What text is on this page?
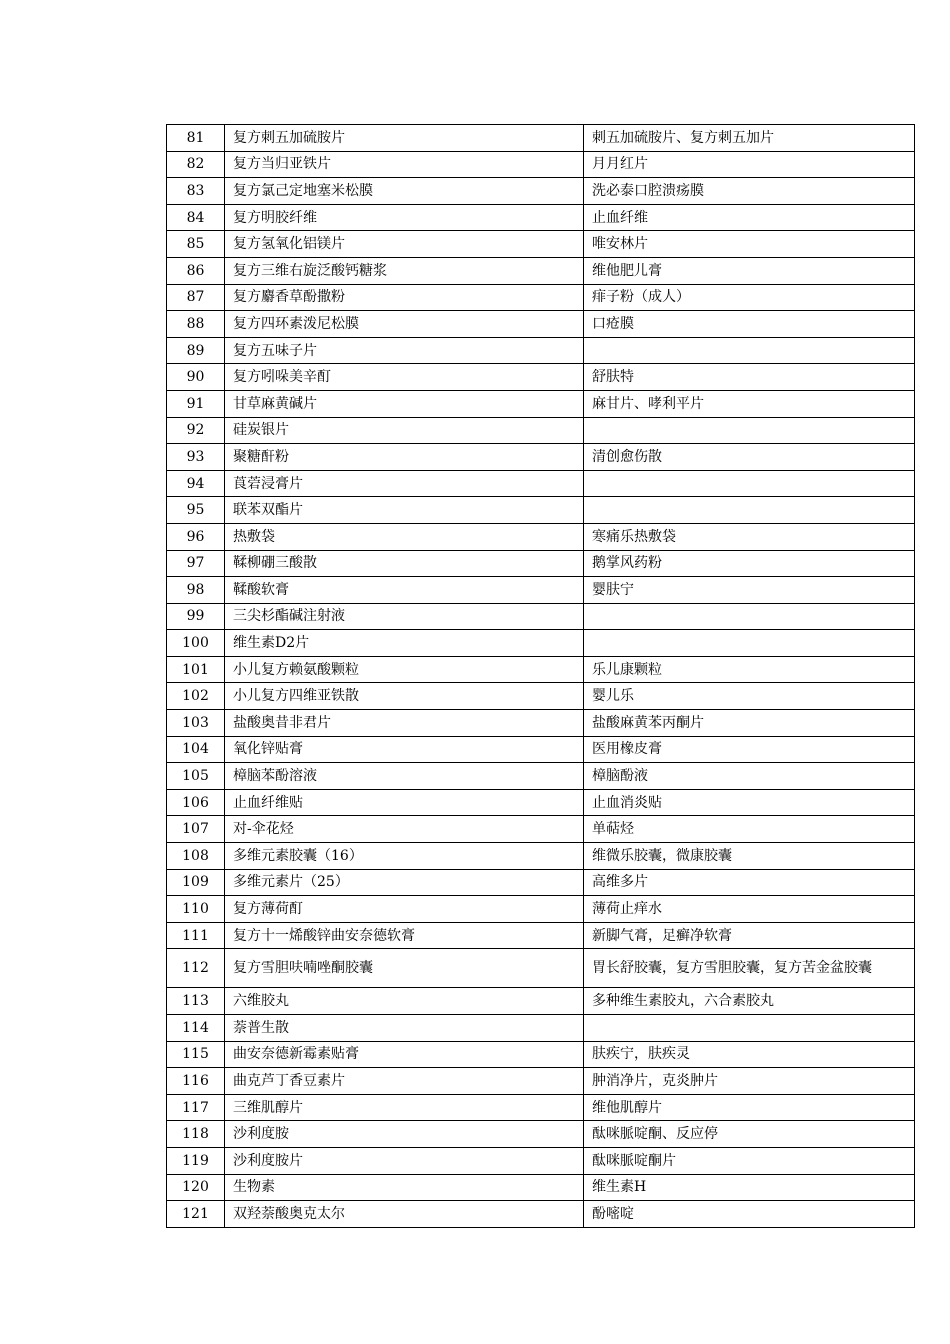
81	复方刺五加硫胺片	刺五加硫胺片、复方刺五加片
82	复方当归亚铁片	月月红片
83	复方氯己定地塞米松膜	洗必泰口腔溃疡膜
84	复方明胶纤维	止血纤维
85	复方氢氧化铝镁片	唯安林片
86	复方三维右旋泛酸钙糖浆	维他肥儿膏
87	复方麝香草酚撒粉	痱子粉（成人）
88	复方四环素泼尼松膜	口疮膜
89	复方五味子片	
90	复方吲哚美辛酊	舒肤特
91	甘草麻黄碱片	麻甘片、哮利平片
92	硅炭银片	
93	聚糖酐粉	清创愈伤散
94	莨菪浸膏片	
95	联苯双酯片	
96	热敷袋	寒痛乐热敷袋
97	鞣柳硼三酸散	鹅掌风药粉
98	鞣酸软膏	婴肤宁
99	三尖杉酯碱注射液	
100	维生素D2片	
101	小儿复方赖氨酸颗粒	乐儿康颗粒
102	小儿复方四维亚铁散	婴儿乐
103	盐酸奥昔非君片	盐酸麻黄苯丙酮片
104	氧化锌贴膏	医用橡皮膏
105	樟脑苯酚溶液	樟脑酚液
106	止血纤维贴	止血消炎贴
107	对-伞花烃	单萜烃
108	多维元素胶囊（16）	维微乐胶囊，微康胶囊
109	多维元素片（25）	高维多片
110	复方薄荷酊	薄荷止痒水
111	复方十一烯酸锌曲安奈德软膏	新脚气膏，足癣净软膏
112	复方雪胆呋喃唑酮胶囊	胃长舒胶囊，复方雪胆胶囊，复方苦金盆胶囊
113	六维胶丸	多种维生素胶丸，六合素胶丸
114	萘普生散	
115	曲安奈德新霉素贴膏	肤疾宁，肤疾灵
116	曲克芦丁香豆素片	肿消净片，克炎肿片
117	三维肌醇片	维他肌醇片
118	沙利度胺	酞咪脈啶酮、反应停
119	沙利度胺片	酞咪脈啶酮片
120	生物素	维生素H
121	双羟萘酸奥克太尔	酚嘧啶
